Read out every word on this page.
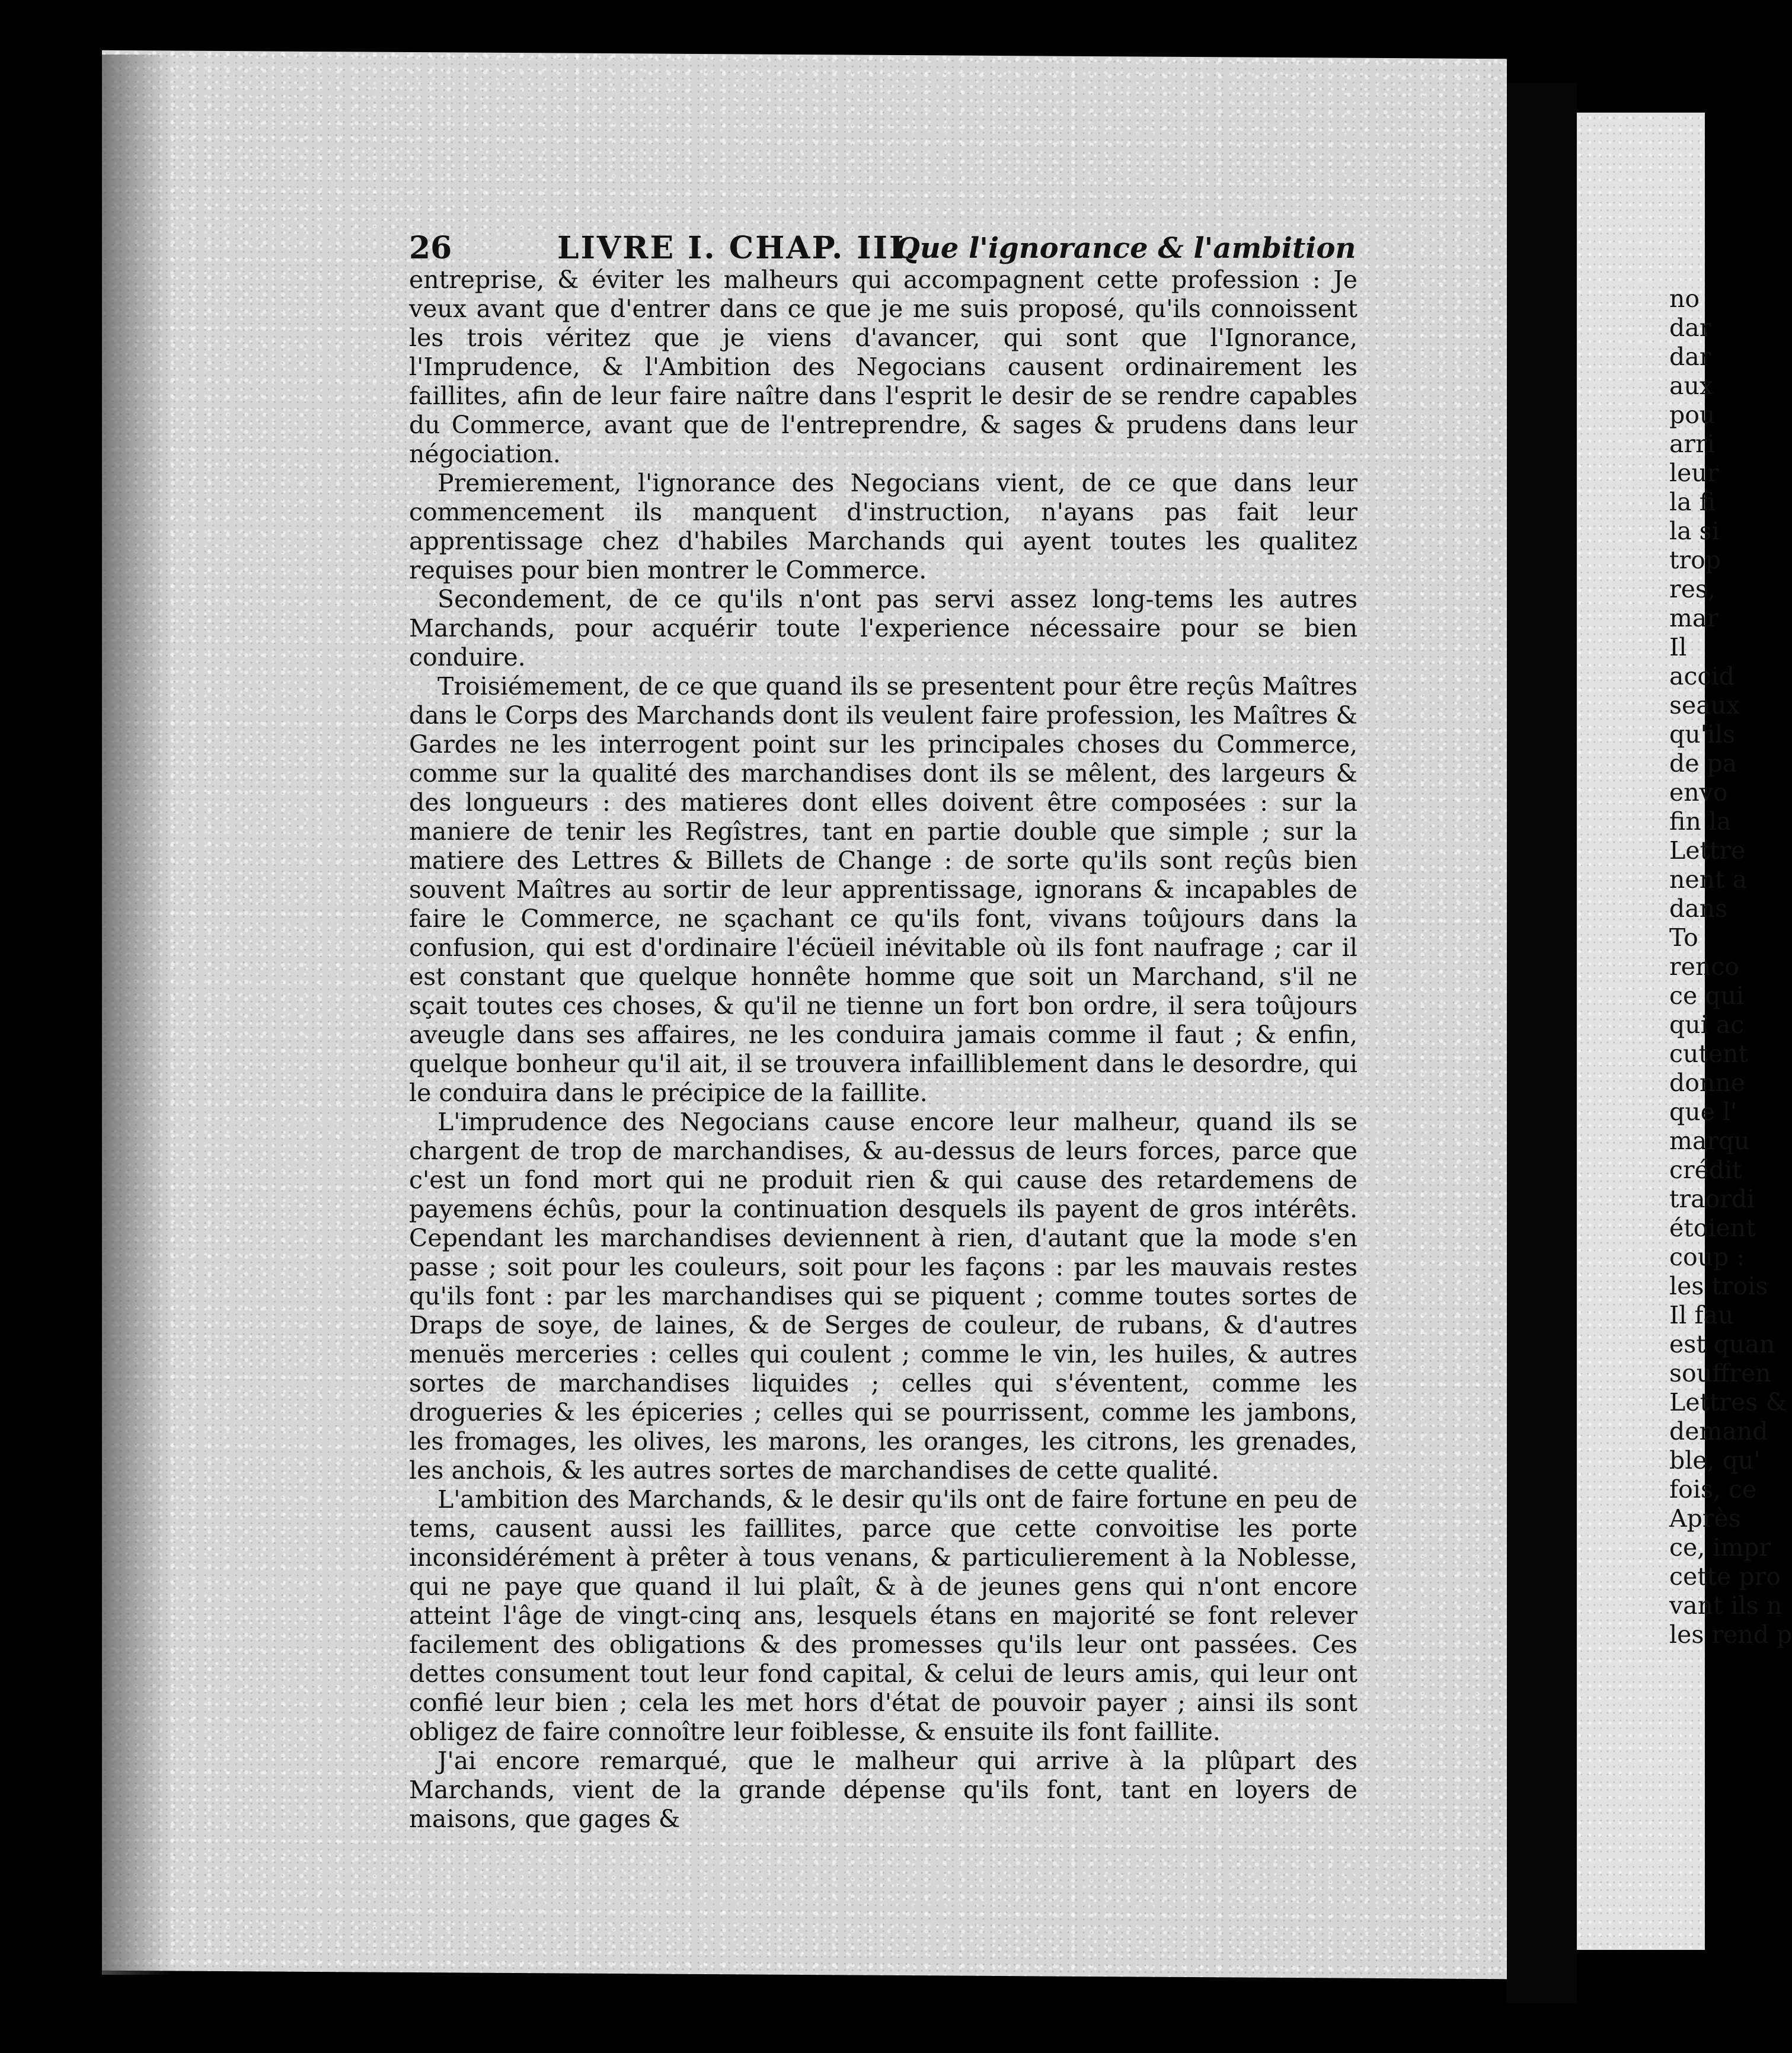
26	LIVRE I. CHAP. III.
Que l'ignorance & l'ambition

entreprise, & éviter les malheurs qui accompagnent cette profession : Je veux avant que d'entrer dans ce que je me suis proposé, qu'ils connoissent les trois véritez que je viens d'avancer, qui sont que l'Ignorance, l'Imprudence, & l'Ambition des Negocians causent ordinairement les faillites, afin de leur faire naître dans l'esprit le desir de se rendre capables du Commerce, avant que de l'entreprendre, & sages & prudens dans leur négociation.

Premierement, l'ignorance des Negocians vient, de ce que dans leur commencement ils manquent d'instruction, n'ayans pas fait leur apprentissage chez d'habiles Marchands qui ayent toutes les qualitez requises pour bien montrer le Commerce.

Secondement, de ce qu'ils n'ont pas servi assez long-tems les autres Marchands, pour acquérir toute l'experience nécessaire pour se bien conduire.

Troisiémement, de ce que quand ils se presentent pour être reçûs Maîtres dans le Corps des Marchands dont ils veulent faire profession, les Maîtres & Gardes ne les interrogent point sur les principales choses du Commerce, comme sur la qualité des marchandises dont ils se mêlent, des largeurs & des longueurs : des matieres dont elles doivent être composées : sur la maniere de tenir les Regîstres, tant en partie double que simple ; sur la matiere des Lettres & Billets de Change : de sorte qu'ils sont reçûs bien souvent Maîtres au sortir de leur apprentissage, ignorans & incapables de faire le Commerce, ne sçachant ce qu'ils font, vivans toûjours dans la confusion, qui est d'ordinaire l'écüeil inévitable où ils font naufrage ; car il est constant que quelque honnête homme que soit un Marchand, s'il ne sçait toutes ces choses, & qu'il ne tienne un fort bon ordre, il sera toûjours aveugle dans ses affaires, ne les conduira jamais comme il faut ; & enfin, quelque bonheur qu'il ait, il se trouvera infailliblement dans le desordre, qui le conduira dans le précipice de la faillite.

L'imprudence des Negocians cause encore leur malheur, quand ils se chargent de trop de marchandises, & au-dessus de leurs forces, parce que c'est un fond mort qui ne produit rien & qui cause des retardemens de payemens échûs, pour la continuation desquels ils payent de gros intérêts. Cependant les marchandises deviennent à rien, d'autant que la mode s'en passe ; soit pour les couleurs, soit pour les façons : par les mauvais restes qu'ils font : par les marchandises qui se piquent ; comme toutes sortes de Draps de soye, de laines, & de Serges de couleur, de rubans, & d'autres menuës merceries : celles qui coulent ; comme le vin, les huiles, & autres sortes de marchandises liquides ; celles qui s'éventent, comme les drogueries & les épiceries ; celles qui se pourrissent, comme les jambons, les fromages, les olives, les marons, les oranges, les citrons, les grenades, les anchois, & les autres sortes de marchandises de cette qualité.

L'ambition des Marchands, & le desir qu'ils ont de faire fortune en peu de tems, causent aussi les faillites, parce que cette convoitise les porte inconsidérément à prêter à tous venans, & particulierement à la Noblesse, qui ne paye que quand il lui plaît, & à de jeunes gens qui n'ont encore atteint l'âge de vingt-cinq ans, lesquels étans en majorité se font relever facilement des obligations & des promesses qu'ils leur ont passées. Ces dettes consument tout leur fond capital, & celui de leurs amis, qui leur ont confié leur bien ; cela les met hors d'état de pouvoir payer ; ainsi ils sont obligez de faire connoître leur foiblesse, & ensuite ils font faillite.

J'ai encore remarqué, que le malheur qui arrive à la plûpart des Marchands, vient de la grande dépense qu'ils font, tant en loyers de maisons, que gages &

no
dar
dar
aux
pou
arri
leur
la fi
la si
trop
res,
mar
Il
accid
seaux
qu'ils
de pa
envo
fin la
Lettre
nent a
dans
To
renco
ce qui
qui ac
cutent
donne
que l'
marqu
crédit
traordi
étoient
coup :
les trois
Il fau
est quan
souffren
Lettres &
demand
ble, qu'
fois, ce
Après
ce, impr
cette pro
vant ils n
les rend p
